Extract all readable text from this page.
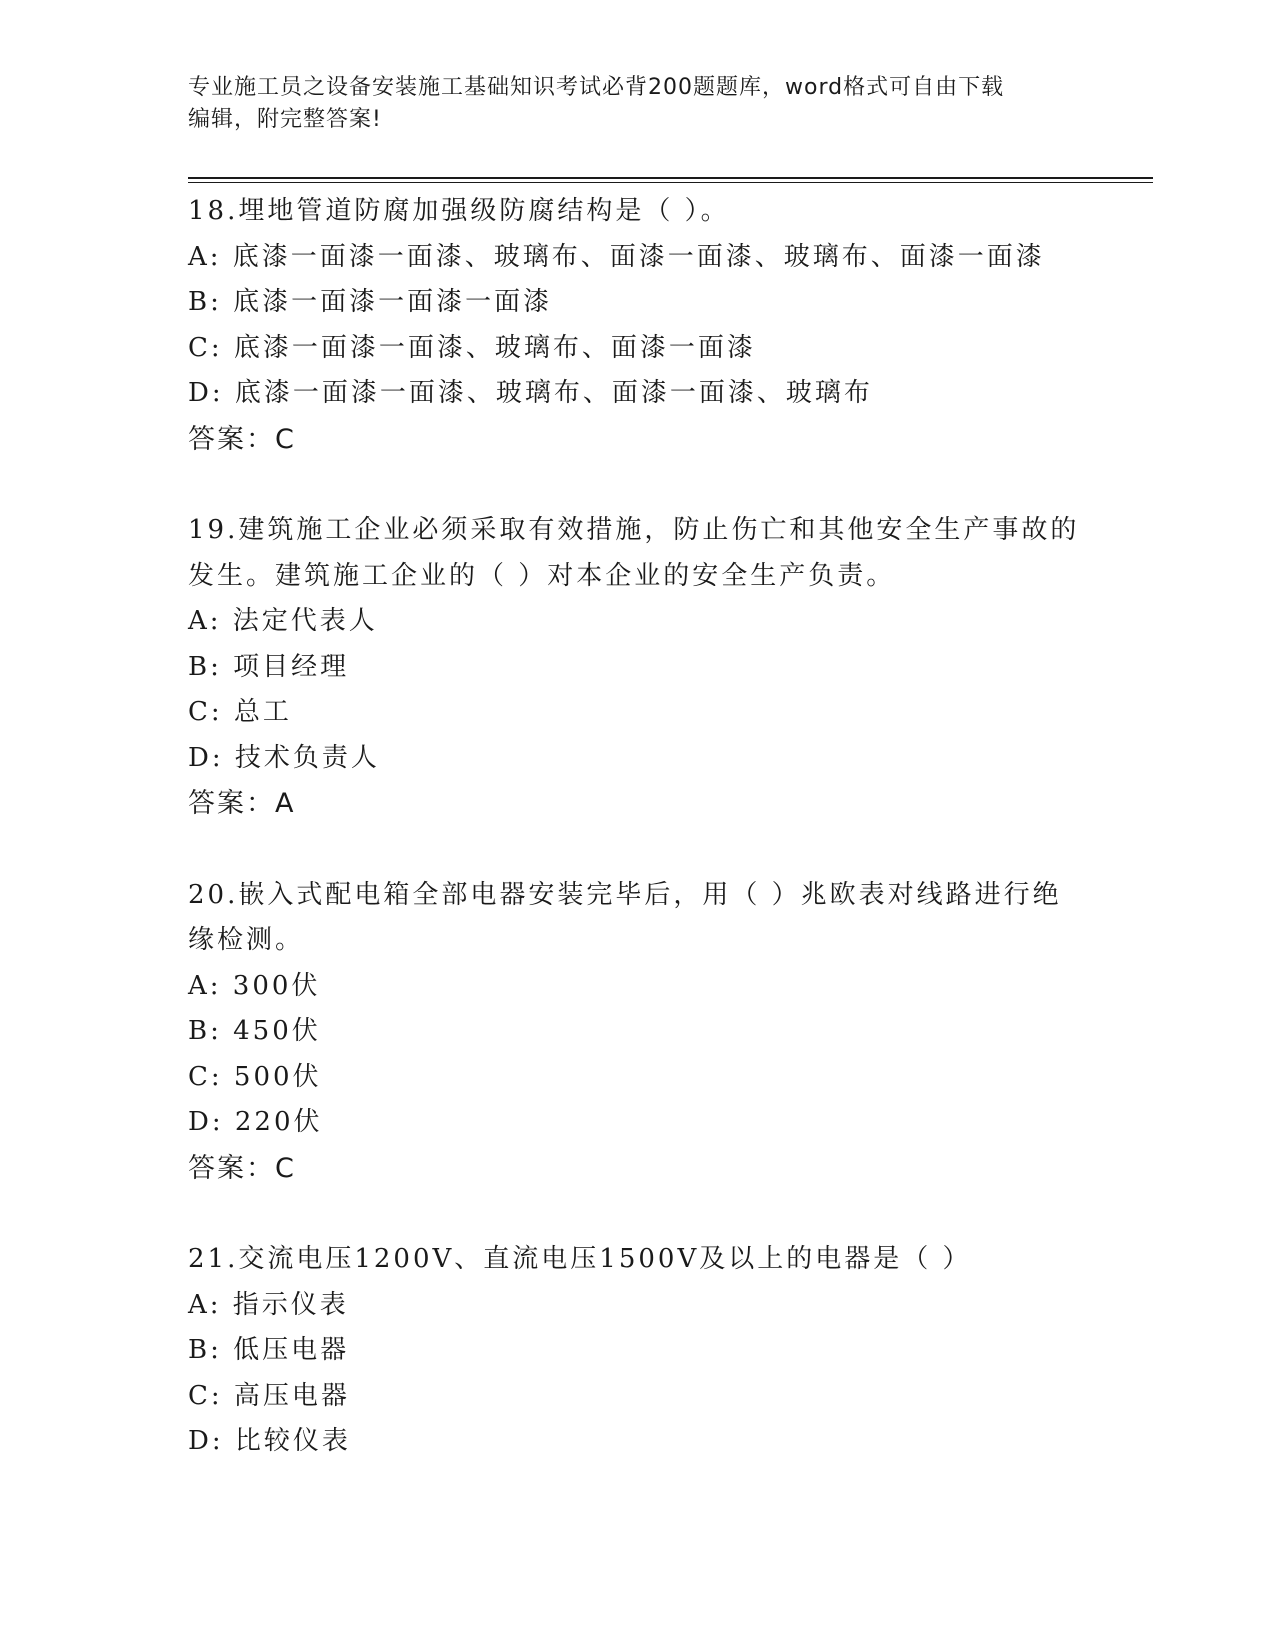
专业施工员之设备安装施工基础知识考试必背200题题库，word格式可自由下载
编辑，附完整答案!
18.埋地管道防腐加强级防腐结构是（ ）。
A: 底漆一面漆一面漆、玻璃布、面漆一面漆、玻璃布、面漆一面漆
B: 底漆一面漆一面漆一面漆
C: 底漆一面漆一面漆、玻璃布、面漆一面漆
D: 底漆一面漆一面漆、玻璃布、面漆一面漆、玻璃布
答案：C
19.建筑施工企业必须采取有效措施，防止伤亡和其他安全生产事故的
发生。建筑施工企业的（ ）对本企业的安全生产负责。
A: 法定代表人
B: 项目经理
C: 总工
D: 技术负责人
答案：A
20.嵌入式配电箱全部电器安装完毕后，用（ ）兆欧表对线路进行绝
缘检测。
A: 300伏
B: 450伏
C: 500伏
D: 220伏
答案：C
21.交流电压1200V、直流电压1500V及以上的电器是（ ）
A: 指示仪表
B: 低压电器
C: 高压电器
D: 比较仪表
